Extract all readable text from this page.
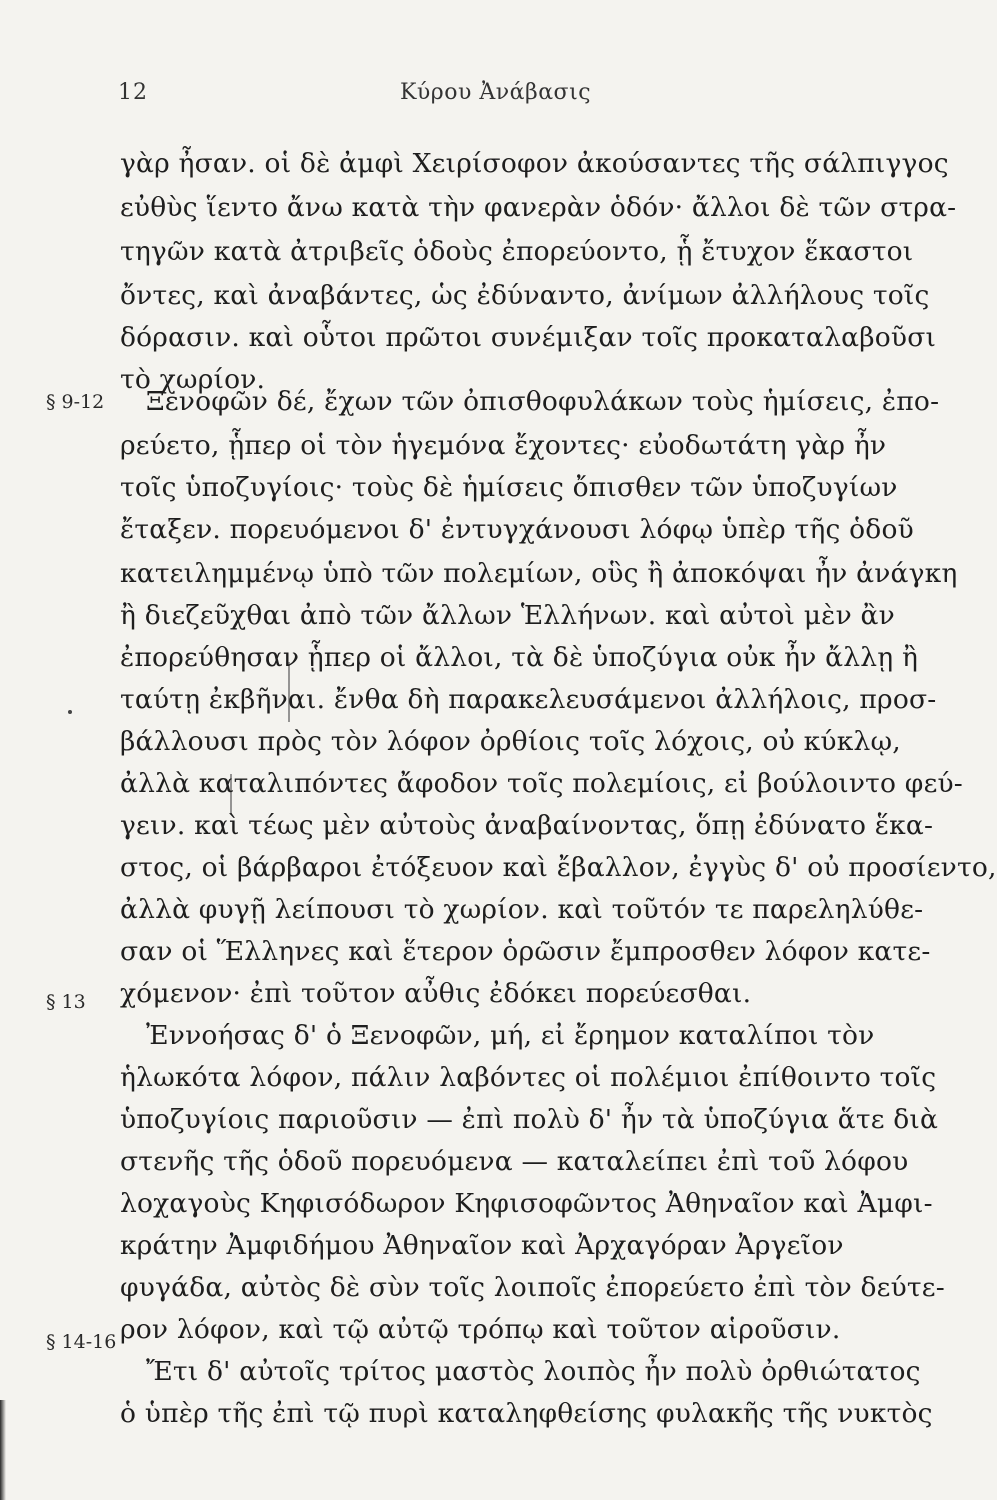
12	Κύρου Ἀνάβασις
§ 9-12
§ 13
§ 14-16
γὰρ ἦσαν. οἱ δὲ ἀμφὶ Χειρίσοφον ἀκούσαντες τῆς σάλπιγγος
εὐθὺς ἵεντο ἄνω κατὰ τὴν φανερὰν ὁδόν· ἄλλοι δὲ τῶν στρα-
τηγῶν κατὰ ἀτριβεῖς ὁδοὺς ἐπορεύοντο, ᾗ ἔτυχον ἕκαστοι
ὄντες, καὶ ἀναβάντες, ὡς ἐδύναντο, ἀνίμων ἀλλήλους τοῖς
δόρασιν. καὶ οὗτοι πρῶτοι συνέμιξαν τοῖς προκαταλαβοῦσι
τὸ χωρίον.
Ξενοφῶν δέ, ἔχων τῶν ὀπισθοφυλάκων τοὺς ἡμίσεις, ἐπο-
ρεύετο, ᾗπερ οἱ τὸν ἡγεμόνα ἔχοντες· εὐοδωτάτη γὰρ ἦν
τοῖς ὑποζυγίοις· τοὺς δὲ ἡμίσεις ὄπισθεν τῶν ὑποζυγίων
ἔταξεν. πορευόμενοι δ' ἐντυγχάνουσι λόφῳ ὑπὲρ τῆς ὁδοῦ
κατειλημμένῳ ὑπὸ τῶν πολεμίων, οὓς ἢ ἀποκόψαι ἦν ἀνάγκη
ἢ διεζεῦχθαι ἀπὸ τῶν ἄλλων Ἑλλήνων. καὶ αὐτοὶ μὲν ἂν
ἐπορεύθησαν ᾗπερ οἱ ἄλλοι, τὰ δὲ ὑποζύγια οὐκ ἦν ἄλλῃ ἢ
ταύτῃ ἐκβῆναι. ἔνθα δὴ παρακελευσάμενοι ἀλλήλοις, προσ-
βάλλουσι πρὸς τὸν λόφον ὀρθίοις τοῖς λόχοις, οὐ κύκλῳ,
ἀλλὰ καταλιπόντες ἄφοδον τοῖς πολεμίοις, εἰ βούλοιντο φεύ-
γειν. καὶ τέως μὲν αὐτοὺς ἀναβαίνοντας, ὅπῃ ἐδύνατο ἕκα-
στος, οἱ βάρβαροι ἐτόξευον καὶ ἔβαλλον, ἐγγὺς δ' οὐ προσίεντο,
ἀλλὰ φυγῇ λείπουσι τὸ χωρίον. καὶ τοῦτόν τε παρεληλύθε-
σαν οἱ Ἕλληνες καὶ ἕτερον ὁρῶσιν ἔμπροσθεν λόφον κατε-
χόμενον· ἐπὶ τοῦτον αὖθις ἐδόκει πορεύεσθαι.
Ἐννοήσας δ' ὁ Ξενοφῶν, μή, εἰ ἔρημον καταλίποι τὸν
ἡλωκότα λόφον, πάλιν λαβόντες οἱ πολέμιοι ἐπίθοιντο τοῖς
ὑποζυγίοις παριοῦσιν — ἐπὶ πολὺ δ' ἦν τὰ ὑποζύγια ἅτε διὰ
στενῆς τῆς ὁδοῦ πορευόμενα — καταλείπει ἐπὶ τοῦ λόφου
λοχαγοὺς Κηφισόδωρον Κηφισοφῶντος Ἀθηναῖον καὶ Ἀμφι-
κράτην Ἀμφιδήμου Ἀθηναῖον καὶ Ἀρχαγόραν Ἀργεῖον
φυγάδα, αὐτὸς δὲ σὺν τοῖς λοιποῖς ἐπορεύετο ἐπὶ τὸν δεύτε-
ρον λόφον, καὶ τῷ αὐτῷ τρόπῳ καὶ τοῦτον αἱροῦσιν.
Ἔτι δ' αὐτοῖς τρίτος μαστὸς λοιπὸς ἦν πολὺ ὀρθιώτατος
ὁ ὑπὲρ τῆς ἐπὶ τῷ πυρὶ καταληφθείσης φυλακῆς τῆς νυκτὸς
